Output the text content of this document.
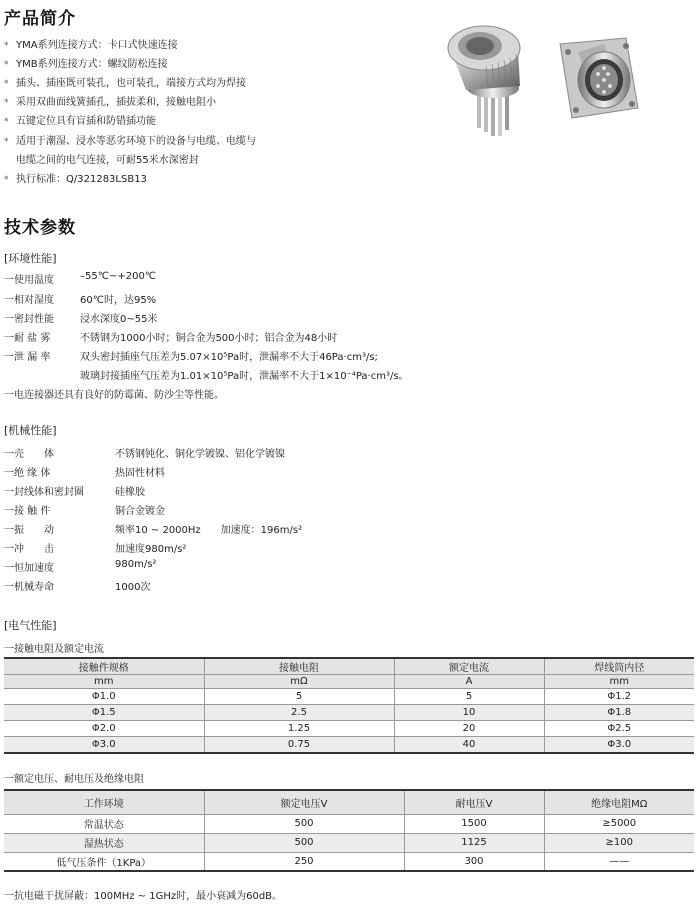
产品简介
* YMA系列连接方式：卡口式快速连接
* YMB系列连接方式：螺纹防松连接
* 插头、插座既可装孔，也可装孔，端接方式均为焊接
* 采用双曲面线簧插孔，插拔柔和，接触电阻小
* 五键定位具有盲插和防错插功能
* 适用于潮湿、浸水等恶劣环境下的设备与电缆、电缆与
电缆之间的电气连接，可耐55米水深密封
* 执行标准：Q/321283LSB13
技术参数
[环境性能]
一使用温度	–55℃~+200℃
一相对湿度	60℃时，达95%
一密封性能	浸水深度0~55米
一耐 盐 雾	不锈钢为1000小时；铜合金为500小时；铝合金为48小时
一泄 漏 率	双头密封插座气压差为5.07×10⁵Pa时，泄漏率不大于46Pa·cm³/s;
玻璃封接插座气压差为1.01×10⁵Pa时，泄漏率不大于1×10⁻⁴Pa·cm³/s。
一电连接器还具有良好的防霉菌、防沙尘等性能。
[机械性能]
一壳　　体	不锈钢钝化、铜化学镀镍、铝化学镀镍
一绝 缘 体	热固性材料
一封线体和密封圈	硅橡胶
一接 触 件	铜合金镀金
一振　　动	频率10 ~ 2000Hz　　加速度：196m/s²
一冲　　击	加速度980m/s²
一恒加速度	980m/s²
一机械寿命	1000次
[电气性能]
一接触电阻及额定电流
接触件规格	接触电阻	额定电流	焊线筒内径
mm	mΩ	A	mm
Φ1.0	5	5	Φ1.2
Φ1.5	2.5	10	Φ1.8
Φ2.0	1.25	20	Φ2.5
Φ3.0	0.75	40	Φ3.0
一额定电压、耐电压及绝缘电阻
工作环境	额定电压V	耐电压V	绝缘电阻MΩ
常温状态	500	1500	≥5000
湿热状态	500	1125	≥100
低气压条件（1KPa）	250	300	——
一抗电磁干扰屏蔽：100MHz ~ 1GHz时，最小衰减为60dB。
